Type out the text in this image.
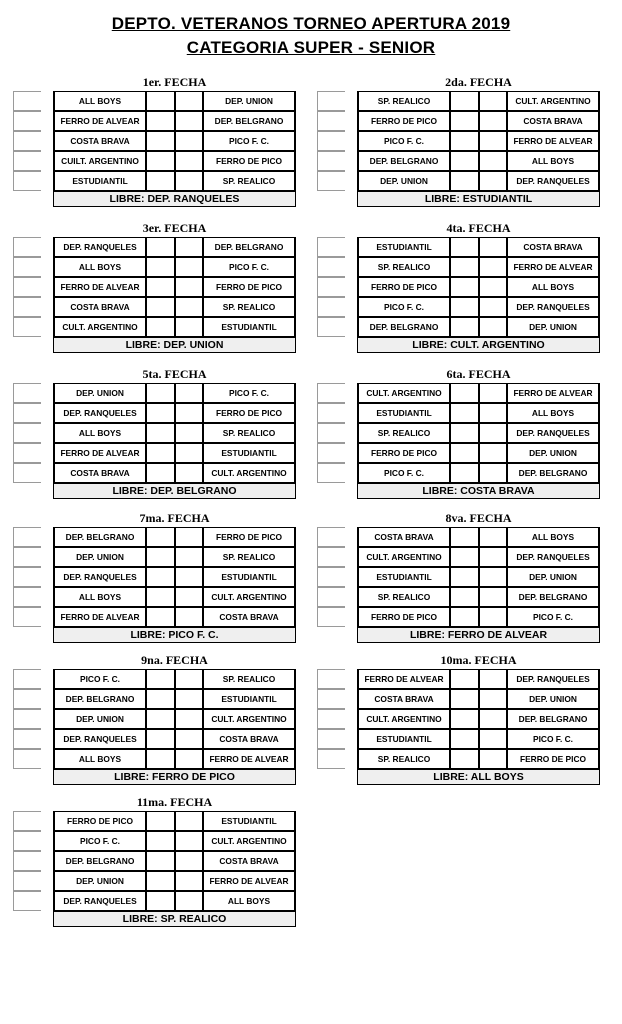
DEPTO. VETERANOS TORNEO APERTURA 2019
CATEGORIA SUPER - SENIOR
1er. FECHA
ALL BOYS	DEP. UNION
FERRO DE ALVEAR	DEP. BELGRANO
COSTA BRAVA	PICO F. C.
CUILT. ARGENTINO	FERRO DE PICO
ESTUDIANTIL	SP. REALICO
LIBRE: DEP. RANQUELES
2da. FECHA
SP. REALICO	CULT. ARGENTINO
FERRO DE PICO	COSTA BRAVA
PICO F. C.	FERRO DE ALVEAR
DEP. BELGRANO	ALL BOYS
DEP. UNION	DEP. RANQUELES
LIBRE: ESTUDIANTIL
3er. FECHA
DEP. RANQUELES	DEP. BELGRANO
ALL BOYS	PICO F. C.
FERRO DE ALVEAR	FERRO DE PICO
COSTA BRAVA	SP. REALICO
CULT. ARGENTINO	ESTUDIANTIL
LIBRE: DEP. UNION
4ta. FECHA
ESTUDIANTIL	COSTA BRAVA
SP. REALICO	FERRO DE ALVEAR
FERRO DE PICO	ALL BOYS
PICO F. C.	DEP. RANQUELES
DEP. BELGRANO	DEP. UNION
LIBRE: CULT. ARGENTINO
5ta. FECHA
DEP. UNION	PICO F. C.
DEP. RANQUELES	FERRO DE PICO
ALL BOYS	SP. REALICO
FERRO DE ALVEAR	ESTUDIANTIL
COSTA BRAVA	CULT. ARGENTINO
LIBRE: DEP. BELGRANO
6ta. FECHA
CULT. ARGENTINO	FERRO DE ALVEAR
ESTUDIANTIL	ALL BOYS
SP. REALICO	DEP. RANQUELES
FERRO DE PICO	DEP. UNION
PICO F. C.	DEP. BELGRANO
LIBRE: COSTA BRAVA
7ma. FECHA
DEP. BELGRANO	FERRO DE PICO
DEP. UNION	SP. REALICO
DEP. RANQUELES	ESTUDIANTIL
ALL BOYS	CULT. ARGENTINO
FERRO DE ALVEAR	COSTA BRAVA
LIBRE: PICO F. C.
8va. FECHA
COSTA BRAVA	ALL BOYS
CULT. ARGENTINO	DEP. RANQUELES
ESTUDIANTIL	DEP. UNION
SP. REALICO	DEP. BELGRANO
FERRO DE PICO	PICO F. C.
LIBRE: FERRO DE ALVEAR
9na. FECHA
PICO F. C.	SP. REALICO
DEP. BELGRANO	ESTUDIANTIL
DEP. UNION	CULT. ARGENTINO
DEP. RANQUELES	COSTA BRAVA
ALL BOYS	FERRO DE ALVEAR
LIBRE: FERRO DE PICO
10ma. FECHA
FERRO DE ALVEAR	DEP. RANQUELES
COSTA BRAVA	DEP. UNION
CULT. ARGENTINO	DEP. BELGRANO
ESTUDIANTIL	PICO F. C.
SP. REALICO	FERRO DE PICO
LIBRE: ALL BOYS
11ma. FECHA
FERRO DE PICO	ESTUDIANTIL
PICO F. C.	CULT. ARGENTINO
DEP. BELGRANO	COSTA BRAVA
DEP. UNION	FERRO DE ALVEAR
DEP. RANQUELES	ALL BOYS
LIBRE: SP. REALICO
